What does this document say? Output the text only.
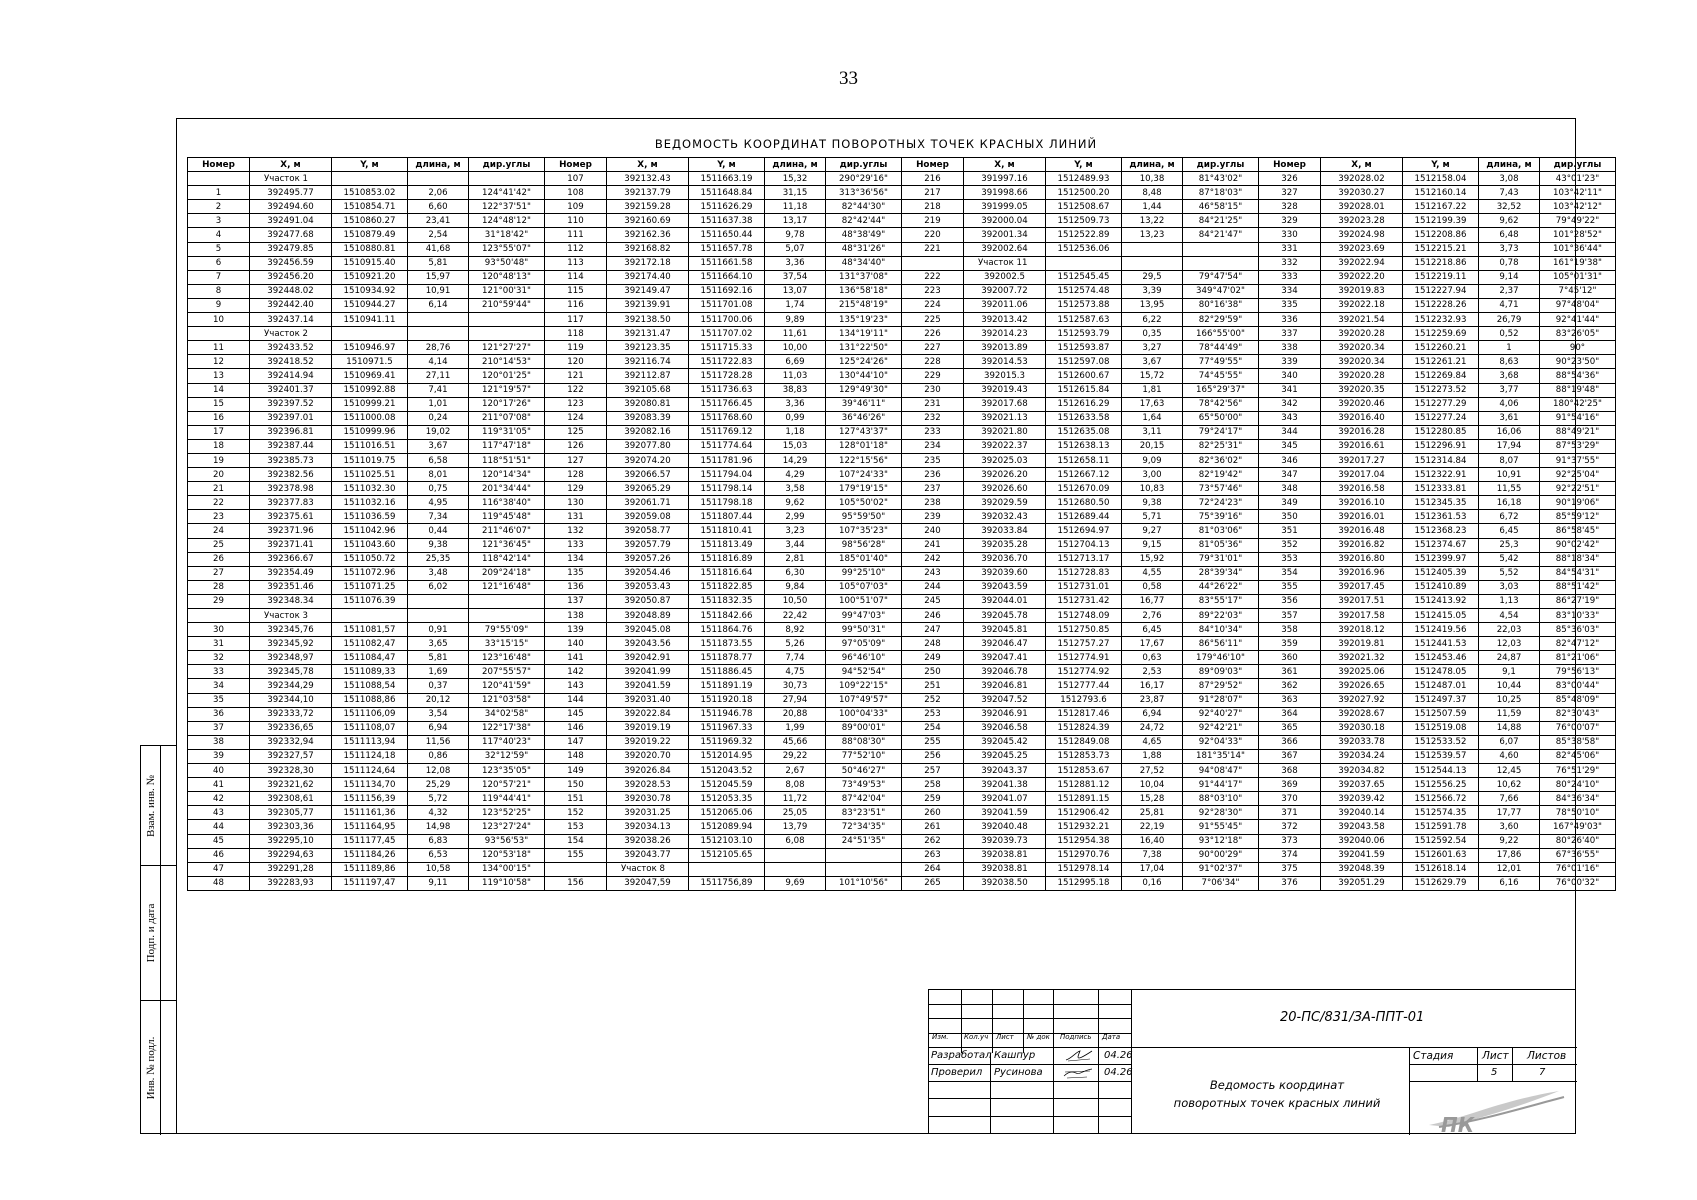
33
Взам. инв. №
Подп. и дата
Инв. № подл.
ВЕДОМОСТЬ КООРДИНАТ ПОВОРОТНЫХ ТОЧЕК КРАСНЫХ ЛИНИЙ
Номер	X, м	Y, м	длина, м	дир.углы	Номер	X, м	Y, м	длина, м	дир.углы	Номер	X, м	Y, м	длина, м	дир.углы	Номер	X, м	Y, м	длина, м	дир.углы
	Участок 1				107	392132.43	1511663.19	15,32	290°29'16"	216	391997.16	1512489.93	10,38	81°43'02"	326	392028.02	1512158.04	3,08	43°01'23"
1	392495.77	1510853.02	2,06	124°41'42"	108	392137.79	1511648.84	31,15	313°36'56"	217	391998.66	1512500.20	8,48	87°18'03"	327	392030.27	1512160.14	7,43	103°42'11"
2	392494.60	1510854.71	6,60	122°37'51"	109	392159.28	1511626.29	11,18	82°44'30"	218	391999.05	1512508.67	1,44	46°58'15"	328	392028.01	1512167.22	32,52	103°42'12"
3	392491.04	1510860.27	23,41	124°48'12"	110	392160.69	1511637.38	13,17	82°42'44"	219	392000.04	1512509.73	13,22	84°21'25"	329	392023.28	1512199.39	9,62	79°49'22"
4	392477.68	1510879.49	2,54	31°18'42"	111	392162.36	1511650.44	9,78	48°38'49"	220	392001.34	1512522.89	13,23	84°21'47"	330	392024.98	1512208.86	6,48	101°28'52"
5	392479.85	1510880.81	41,68	123°55'07"	112	392168.82	1511657.78	5,07	48°31'26"	221	392002.64	1512536.06			331	392023.69	1512215.21	3,73	101°36'44"
6	392456.59	1510915.40	5,81	93°50'48"	113	392172.18	1511661.58	3,36	48°34'40"		Участок 11				332	392022.94	1512218.86	0,78	161°19'38"
7	392456.20	1510921.20	15,97	120°48'13"	114	392174.40	1511664.10	37,54	131°37'08"	222	392002.5	1512545.45	29,5	79°47'54"	333	392022.20	1512219.11	9,14	105°01'31"
8	392448.02	1510934.92	10,91	121°00'31"	115	392149.47	1511692.16	13,07	136°58'18"	223	392007.72	1512574.48	3,39	349°47'02"	334	392019.83	1512227.94	2,37	7°45'12"
9	392442.40	1510944.27	6,14	210°59'44"	116	392139.91	1511701.08	1,74	215°48'19"	224	392011.06	1512573.88	13,95	80°16'38"	335	392022.18	1512228.26	4,71	97°48'04"
10	392437.14	1510941.11			117	392138.50	1511700.06	9,89	135°19'23"	225	392013.42	1512587.63	6,22	82°29'59"	336	392021.54	1512232.93	26,79	92°41'44"
	Участок 2				118	392131.47	1511707.02	11,61	134°19'11"	226	392014.23	1512593.79	0,35	166°55'00"	337	392020.28	1512259.69	0,52	83°26'05"
11	392433.52	1510946.97	28,76	121°27'27"	119	392123.35	1511715.33	10,00	131°22'50"	227	392013.89	1512593.87	3,27	78°44'49"	338	392020.34	1512260.21	1	90°
12	392418.52	1510971.5	4,14	210°14'53"	120	392116.74	1511722.83	6,69	125°24'26"	228	392014.53	1512597.08	3,67	77°49'55"	339	392020.34	1512261.21	8,63	90°23'50"
13	392414.94	1510969.41	27,11	120°01'25"	121	392112.87	1511728.28	11,03	130°44'10"	229	392015.3	1512600.67	15,72	74°45'55"	340	392020.28	1512269.84	3,68	88°54'36"
14	392401.37	1510992.88	7,41	121°19'57"	122	392105.68	1511736.63	38,83	129°49'30"	230	392019.43	1512615.84	1,81	165°29'37"	341	392020.35	1512273.52	3,77	88°19'48"
15	392397.52	1510999.21	1,01	120°17'26"	123	392080.81	1511766.45	3,36	39°46'11"	231	392017.68	1512616.29	17,63	78°42'56"	342	392020.46	1512277.29	4,06	180°42'25"
16	392397.01	1511000.08	0,24	211°07'08"	124	392083.39	1511768.60	0,99	36°46'26"	232	392021.13	1512633.58	1,64	65°50'00"	343	392016.40	1512277.24	3,61	91°54'16"
17	392396.81	1510999.96	19,02	119°31'05"	125	392082.16	1511769.12	1,18	127°43'37"	233	392021.80	1512635.08	3,11	79°24'17"	344	392016.28	1512280.85	16,06	88°49'21"
18	392387.44	1511016.51	3,67	117°47'18"	126	392077.80	1511774.64	15,03	128°01'18"	234	392022.37	1512638.13	20,15	82°25'31"	345	392016.61	1512296.91	17,94	87°53'29"
19	392385.73	1511019.75	6,58	118°51'51"	127	392074.20	1511781.96	14,29	122°15'56"	235	392025.03	1512658.11	9,09	82°36'02"	346	392017.27	1512314.84	8,07	91°37'55"
20	392382.56	1511025.51	8,01	120°14'34"	128	392066.57	1511794.04	4,29	107°24'33"	236	392026.20	1512667.12	3,00	82°19'42"	347	392017.04	1512322.91	10,91	92°25'04"
21	392378.98	1511032.30	0,75	201°34'44"	129	392065.29	1511798.14	3,58	179°19'15"	237	392026.60	1512670.09	10,83	73°57'46"	348	392016.58	1512333.81	11,55	92°22'51"
22	392377.83	1511032.16	4,95	116°38'40"	130	392061.71	1511798.18	9,62	105°50'02"	238	392029.59	1512680.50	9,38	72°24'23"	349	392016.10	1512345.35	16,18	90°19'06"
23	392375.61	1511036.59	7,34	119°45'48"	131	392059.08	1511807.44	2,99	95°59'50"	239	392032.43	1512689.44	5,71	75°39'16"	350	392016.01	1512361.53	6,72	85°59'12"
24	392371.96	1511042.96	0,44	211°46'07"	132	392058.77	1511810.41	3,23	107°35'23"	240	392033.84	1512694.97	9,27	81°03'06"	351	392016.48	1512368.23	6,45	86°58'45"
25	392371.41	1511043.60	9,38	121°36'45"	133	392057.79	1511813.49	3,44	98°56'28"	241	392035.28	1512704.13	9,15	81°05'36"	352	392016.82	1512374.67	25,3	90°02'42"
26	392366.67	1511050.72	25,35	118°42'14"	134	392057.26	1511816.89	2,81	185°01'40"	242	392036.70	1512713.17	15,92	79°31'01"	353	392016.80	1512399.97	5,42	88°18'34"
27	392354.49	1511072.96	3,48	209°24'18"	135	392054.46	1511816.64	6,30	99°25'10"	243	392039.60	1512728.83	4,55	28°39'34"	354	392016.96	1512405.39	5,52	84°54'31"
28	392351.46	1511071.25	6,02	121°16'48"	136	392053.43	1511822.85	9,84	105°07'03"	244	392043.59	1512731.01	0,58	44°26'22"	355	392017.45	1512410.89	3,03	88°51'42"
29	392348.34	1511076.39			137	392050.87	1511832.35	10,50	100°51'07"	245	392044.01	1512731.42	16,77	83°55'17"	356	392017.51	1512413.92	1,13	86°27'19"
	Участок 3				138	392048.89	1511842.66	22,42	99°47'03"	246	392045.78	1512748.09	2,76	89°22'03"	357	392017.58	1512415.05	4,54	83°10'33"
30	392345,76	1511081,57	0,91	79°55'09"	139	392045.08	1511864.76	8,92	99°50'31"	247	392045.81	1512750.85	6,45	84°10'34"	358	392018.12	1512419.56	22,03	85°36'03"
31	392345,92	1511082,47	3,65	33°15'15"	140	392043.56	1511873.55	5,26	97°05'09"	248	392046.47	1512757.27	17,67	86°56'11"	359	392019.81	1512441.53	12,03	82°47'12"
32	392348,97	1511084,47	5,81	123°16'48"	141	392042.91	1511878.77	7,74	96°46'10"	249	392047.41	1512774.91	0,63	179°46'10"	360	392021.32	1512453.46	24,87	81°21'06"
33	392345,78	1511089,33	1,69	207°55'57"	142	392041.99	1511886.45	4,75	94°52'54"	250	392046.78	1512774.92	2,53	89°09'03"	361	392025.06	1512478.05	9,1	79°56'13"
34	392344,29	1511088,54	0,37	120°41'59"	143	392041.59	1511891.19	30,73	109°22'15"	251	392046.81	1512777.44	16,17	87°29'52"	362	392026.65	1512487.01	10,44	83°00'44"
35	392344,10	1511088,86	20,12	121°03'58"	144	392031.40	1511920.18	27,94	107°49'57"	252	392047.52	1512793.6	23,87	91°28'07"	363	392027.92	1512497.37	10,25	85°48'09"
36	392333,72	1511106,09	3,54	34°02'58"	145	392022.84	1511946.78	20,88	100°04'33"	253	392046.91	1512817.46	6,94	92°40'27"	364	392028.67	1512507.59	11,59	82°30'43"
37	392336,65	1511108,07	6,94	122°17'38"	146	392019.19	1511967.33	1,99	89°00'01"	254	392046.58	1512824.39	24,72	92°42'21"	365	392030.18	1512519.08	14,88	76°00'07"
38	392332,94	1511113,94	11,56	117°40'23"	147	392019.22	1511969.32	45,66	88°08'30"	255	392045.42	1512849.08	4,65	92°04'33"	366	392033.78	1512533.52	6,07	85°38'58"
39	392327,57	1511124,18	0,86	32°12'59"	148	392020.70	1512014.95	29,22	77°52'10"	256	392045.25	1512853.73	1,88	181°35'14"	367	392034.24	1512539.57	4,60	82°45'06"
40	392328,30	1511124,64	12,08	123°35'05"	149	392026.84	1512043.52	2,67	50°46'27"	257	392043.37	1512853.67	27,52	94°08'47"	368	392034.82	1512544.13	12,45	76°51'29"
41	392321,62	1511134,70	25,29	120°57'21"	150	392028.53	1512045.59	8,08	73°49'53"	258	392041.38	1512881.12	10,04	91°44'17"	369	392037.65	1512556.25	10,62	80°24'10"
42	392308,61	1511156,39	5,72	119°44'41"	151	392030.78	1512053.35	11,72	87°42'04"	259	392041.07	1512891.15	15,28	88°03'10"	370	392039.42	1512566.72	7,66	84°36'34"
43	392305,77	1511161,36	4,32	123°52'25"	152	392031.25	1512065.06	25,05	83°23'51"	260	392041.59	1512906.42	25,81	92°28'30"	371	392040.14	1512574.35	17,77	78°50'10"
44	392303,36	1511164,95	14,98	123°27'24"	153	392034.13	1512089.94	13,79	72°34'35"	261	392040.48	1512932.21	22,19	91°55'45"	372	392043.58	1512591.78	3,60	167°49'03"
45	392295,10	1511177,45	6,83	93°56'53"	154	392038.26	1512103.10	6,08	24°51'35"	262	392039.73	1512954.38	16,40	93°12'18"	373	392040.06	1512592.54	9,22	80°26'40"
46	392294,63	1511184,26	6,53	120°53'18"	155	392043.77	1512105.65			263	392038.81	1512970.76	7,38	90°00'29"	374	392041.59	1512601.63	17,86	67°36'55"
47	392291,28	1511189,86	10,58	134°00'15"		Участок 8				264	392038.81	1512978.14	17,04	91°02'37"	375	392048.39	1512618.14	12,01	76°01'16"
48	392283,93	1511197,47	9,11	119°10'58"	156	392047,59	1511756,89	9,69	101°10'56"	265	392038.50	1512995.18	0,16	7°06'34"	376	392051.29	1512629.79	6,16	76°00'32"
Изм. Кол.уч Лист № док Подпись Дата
Разработал Кашпур	04.26
Проверил Русинова	04.26
Стадия	Лист Листов
5	7
ПК
20-ПС/831/ЗА-ППТ-01
Ведомость координат поворотных точек красных линий
